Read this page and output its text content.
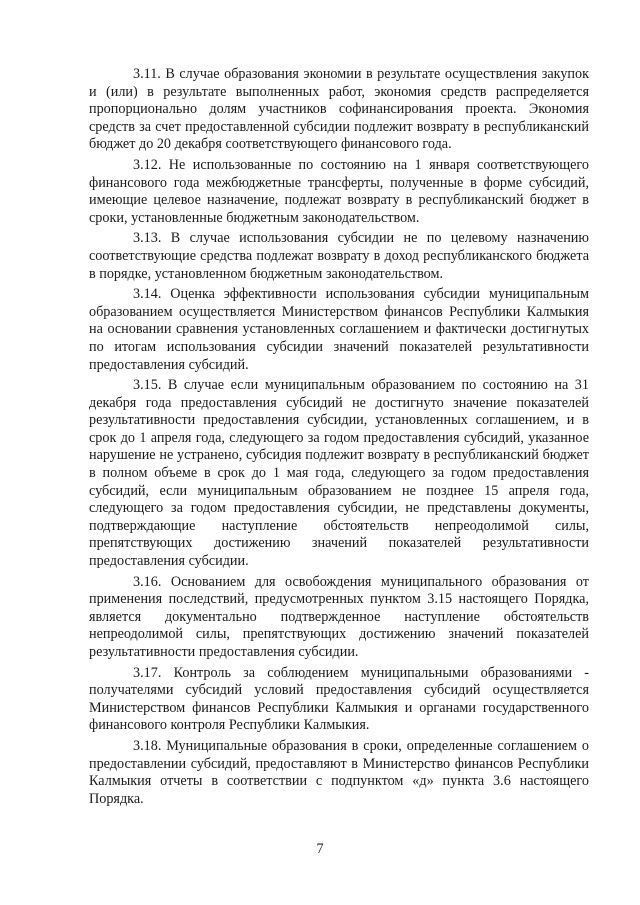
3.11. В случае образования экономии в результате осуществления закупок и (или) в результате выполненных работ, экономия средств распределяется пропорционально долям участников софинансирования проекта. Экономия средств за счет предоставленной субсидии подлежит возврату в республиканский бюджет до 20 декабря соответствующего финансового года.

3.12. Не использованные по состоянию на 1 января соответствующего финансового года межбюджетные трансферты, полученные в форме субсидий, имеющие целевое назначение, подлежат возврату в республиканский бюджет в сроки, установленные бюджетным законодательством.

3.13. В случае использования субсидии не по целевому назначению соответствующие средства подлежат возврату в доход республиканского бюджета в порядке, установленном бюджетным законодательством.

3.14. Оценка эффективности использования субсидии муниципальным образованием осуществляется Министерством финансов Республики Калмыкия на основании сравнения установленных соглашением и фактически достигнутых по итогам использования субсидии значений показателей результативности предоставления субсидий.

3.15. В случае если муниципальным образованием по состоянию на 31 декабря года предоставления субсидий не достигнуто значение показателей результативности предоставления субсидии, установленных соглашением, и в срок до 1 апреля года, следующего за годом предоставления субсидий, указанное нарушение не устранено, субсидия подлежит возврату в республиканский бюджет в полном объеме в срок до 1 мая года, следующего за годом предоставления субсидий, если муниципальным образованием не позднее 15 апреля года, следующего за годом предоставления субсидии, не представлены документы, подтверждающие наступление обстоятельств непреодолимой силы, препятствующих достижению значений показателей результативности предоставления субсидии.

3.16. Основанием для освобождения муниципального образования от применения последствий, предусмотренных пунктом 3.15 настоящего Порядка, является документально подтвержденное наступление обстоятельств непреодолимой силы, препятствующих достижению значений показателей результативности предоставления субсидии.

3.17. Контроль за соблюдением муниципальными образованиями - получателями субсидий условий предоставления субсидий осуществляется Министерством финансов Республики Калмыкия и органами государственного финансового контроля Республики Калмыкия.

3.18. Муниципальные образования в сроки, определенные соглашением о предоставлении субсидий, предоставляют в Министерство финансов Республики Калмыкия отчеты в соответствии с подпунктом «д» пункта 3.6 настоящего Порядка.

7
